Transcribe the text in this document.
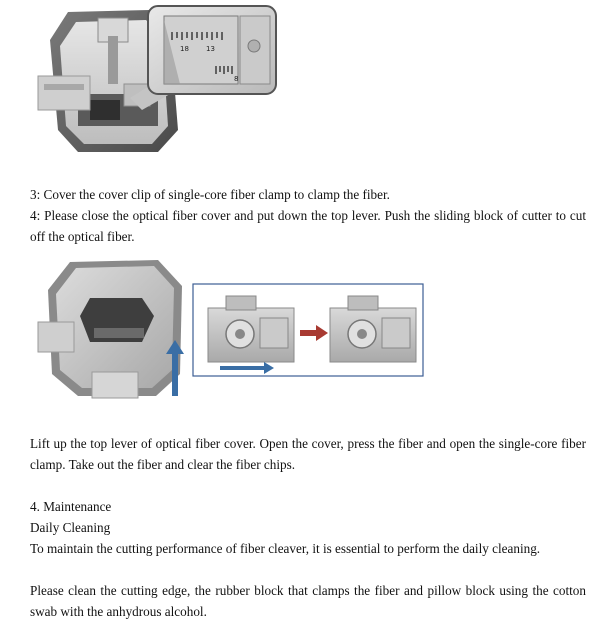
18 13
8

3: Cover the cover clip of single-core fiber clamp to clamp the fiber.

4: Please close the optical fiber cover and put down the top lever. Push the sliding block of cutter to cut off the optical fiber.

Lift up the top lever of optical fiber cover. Open the cover, press the fiber and open the single-core fiber clamp. Take out the fiber and clear the fiber chips.

4. Maintenance

Daily Cleaning

To maintain the cutting performance of fiber cleaver, it is essential to perform the daily cleaning.

Please clean the cutting edge, the rubber block that clamps the fiber and pillow block using the cotton swab with the anhydrous alcohol.
